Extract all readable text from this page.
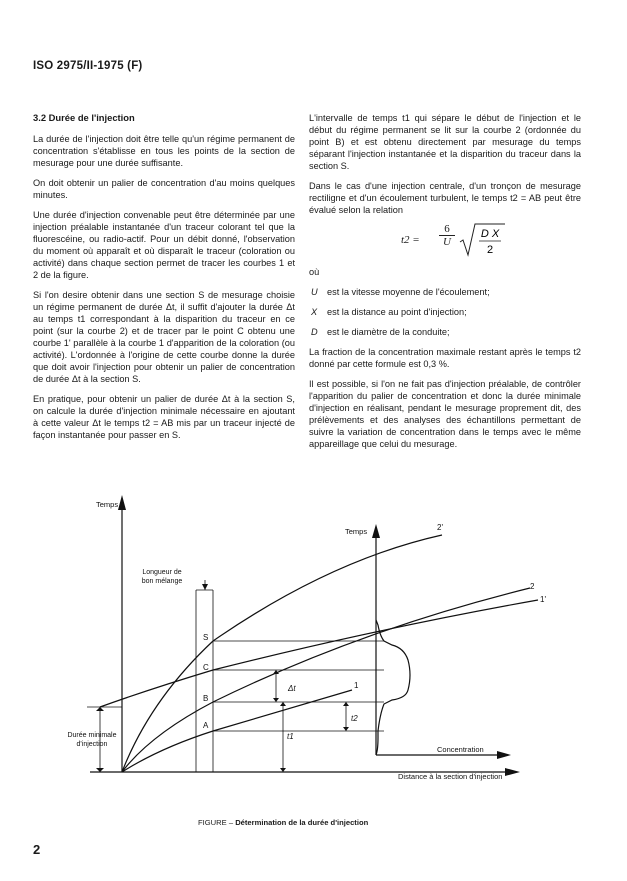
ISO 2975/II-1975 (F)
3.2 Durée de l'injection

La durée de l'injection doit être telle qu'un régime permanent de concentration s'établisse en tous les points de la section de mesurage pour une durée suffisante.

On doit obtenir un palier de concentration d'au moins quelques minutes.

Une durée d'injection convenable peut être déterminée par une injection préalable instantanée d'un traceur colorant tel que la fluorescéine, ou radio-actif. Pour un débit donné, l'observation du moment où apparaît et où disparaît le traceur (coloration ou activité) dans chaque section permet de tracer les courbes 1 et 2 de la figure.

Si l'on desire obtenir dans une section S de mesurage choisie un régime permanent de durée Δt, il suffit d'ajouter la durée Δt au temps t1 correspondant à la disparition du traceur en ce point (sur la courbe 2) et de tracer par le point C obtenu une courbe 1' parallèle à la courbe 1 d'apparition de la coloration (ou activité). L'ordonnée à l'origine de cette courbe donne la durée que doit avoir l'injection pour obtenir un palier de concentration de durée Δt à la section S.

En pratique, pour obtenir un palier de durée Δt à la section S, on calcule la durée d'injection minimale nécessaire en ajoutant à cette valeur Δt le temps t2 = AB mis par un traceur injecté de façon instantanée pour passer en S.

L'intervalle de temps t1 qui sépare le début de l'injection et le début du régime permanent se lit sur la courbe 2 (ordonnée du point B) et est obtenu directement par mesurage du temps séparant l'injection instantanée et la disparition du traceur dans la section S.

Dans le cas d'une injection centrale, d'un tronçon de mesurage rectiligne et d'un écoulement turbulent, le temps t2 = AB peut être évalué selon la relation

$t2 = \frac{6}{U}$ D X
2

où

U	est la vitesse moyenne de l'écoulement;
X	est la distance au point d'injection;
D	est le diamètre de la conduite;

La fraction de la concentration maximale restant après le temps t2 donné par cette formule est 0,3 %.

Il est possible, si l'on ne fait pas d'injection préalable, de contrôler l'apparition du palier de concentration et donc la durée minimale d'injection en réalisant, pendant le mesurage proprement dit, des prélèvements et des analyses des échantillons permettant de suivre la variation de concentration dans le temps avec le même appareillage que celui du mesurage.

Temps
Temps
Concentration
Distance à la section d'injection
Longueur de
bon mélange
Durée minimale
d'injection
S
C
B
A
Δt
t1
t2
1
1'
2
2'
FIGURE – Détermination de la durée d'injection
2
